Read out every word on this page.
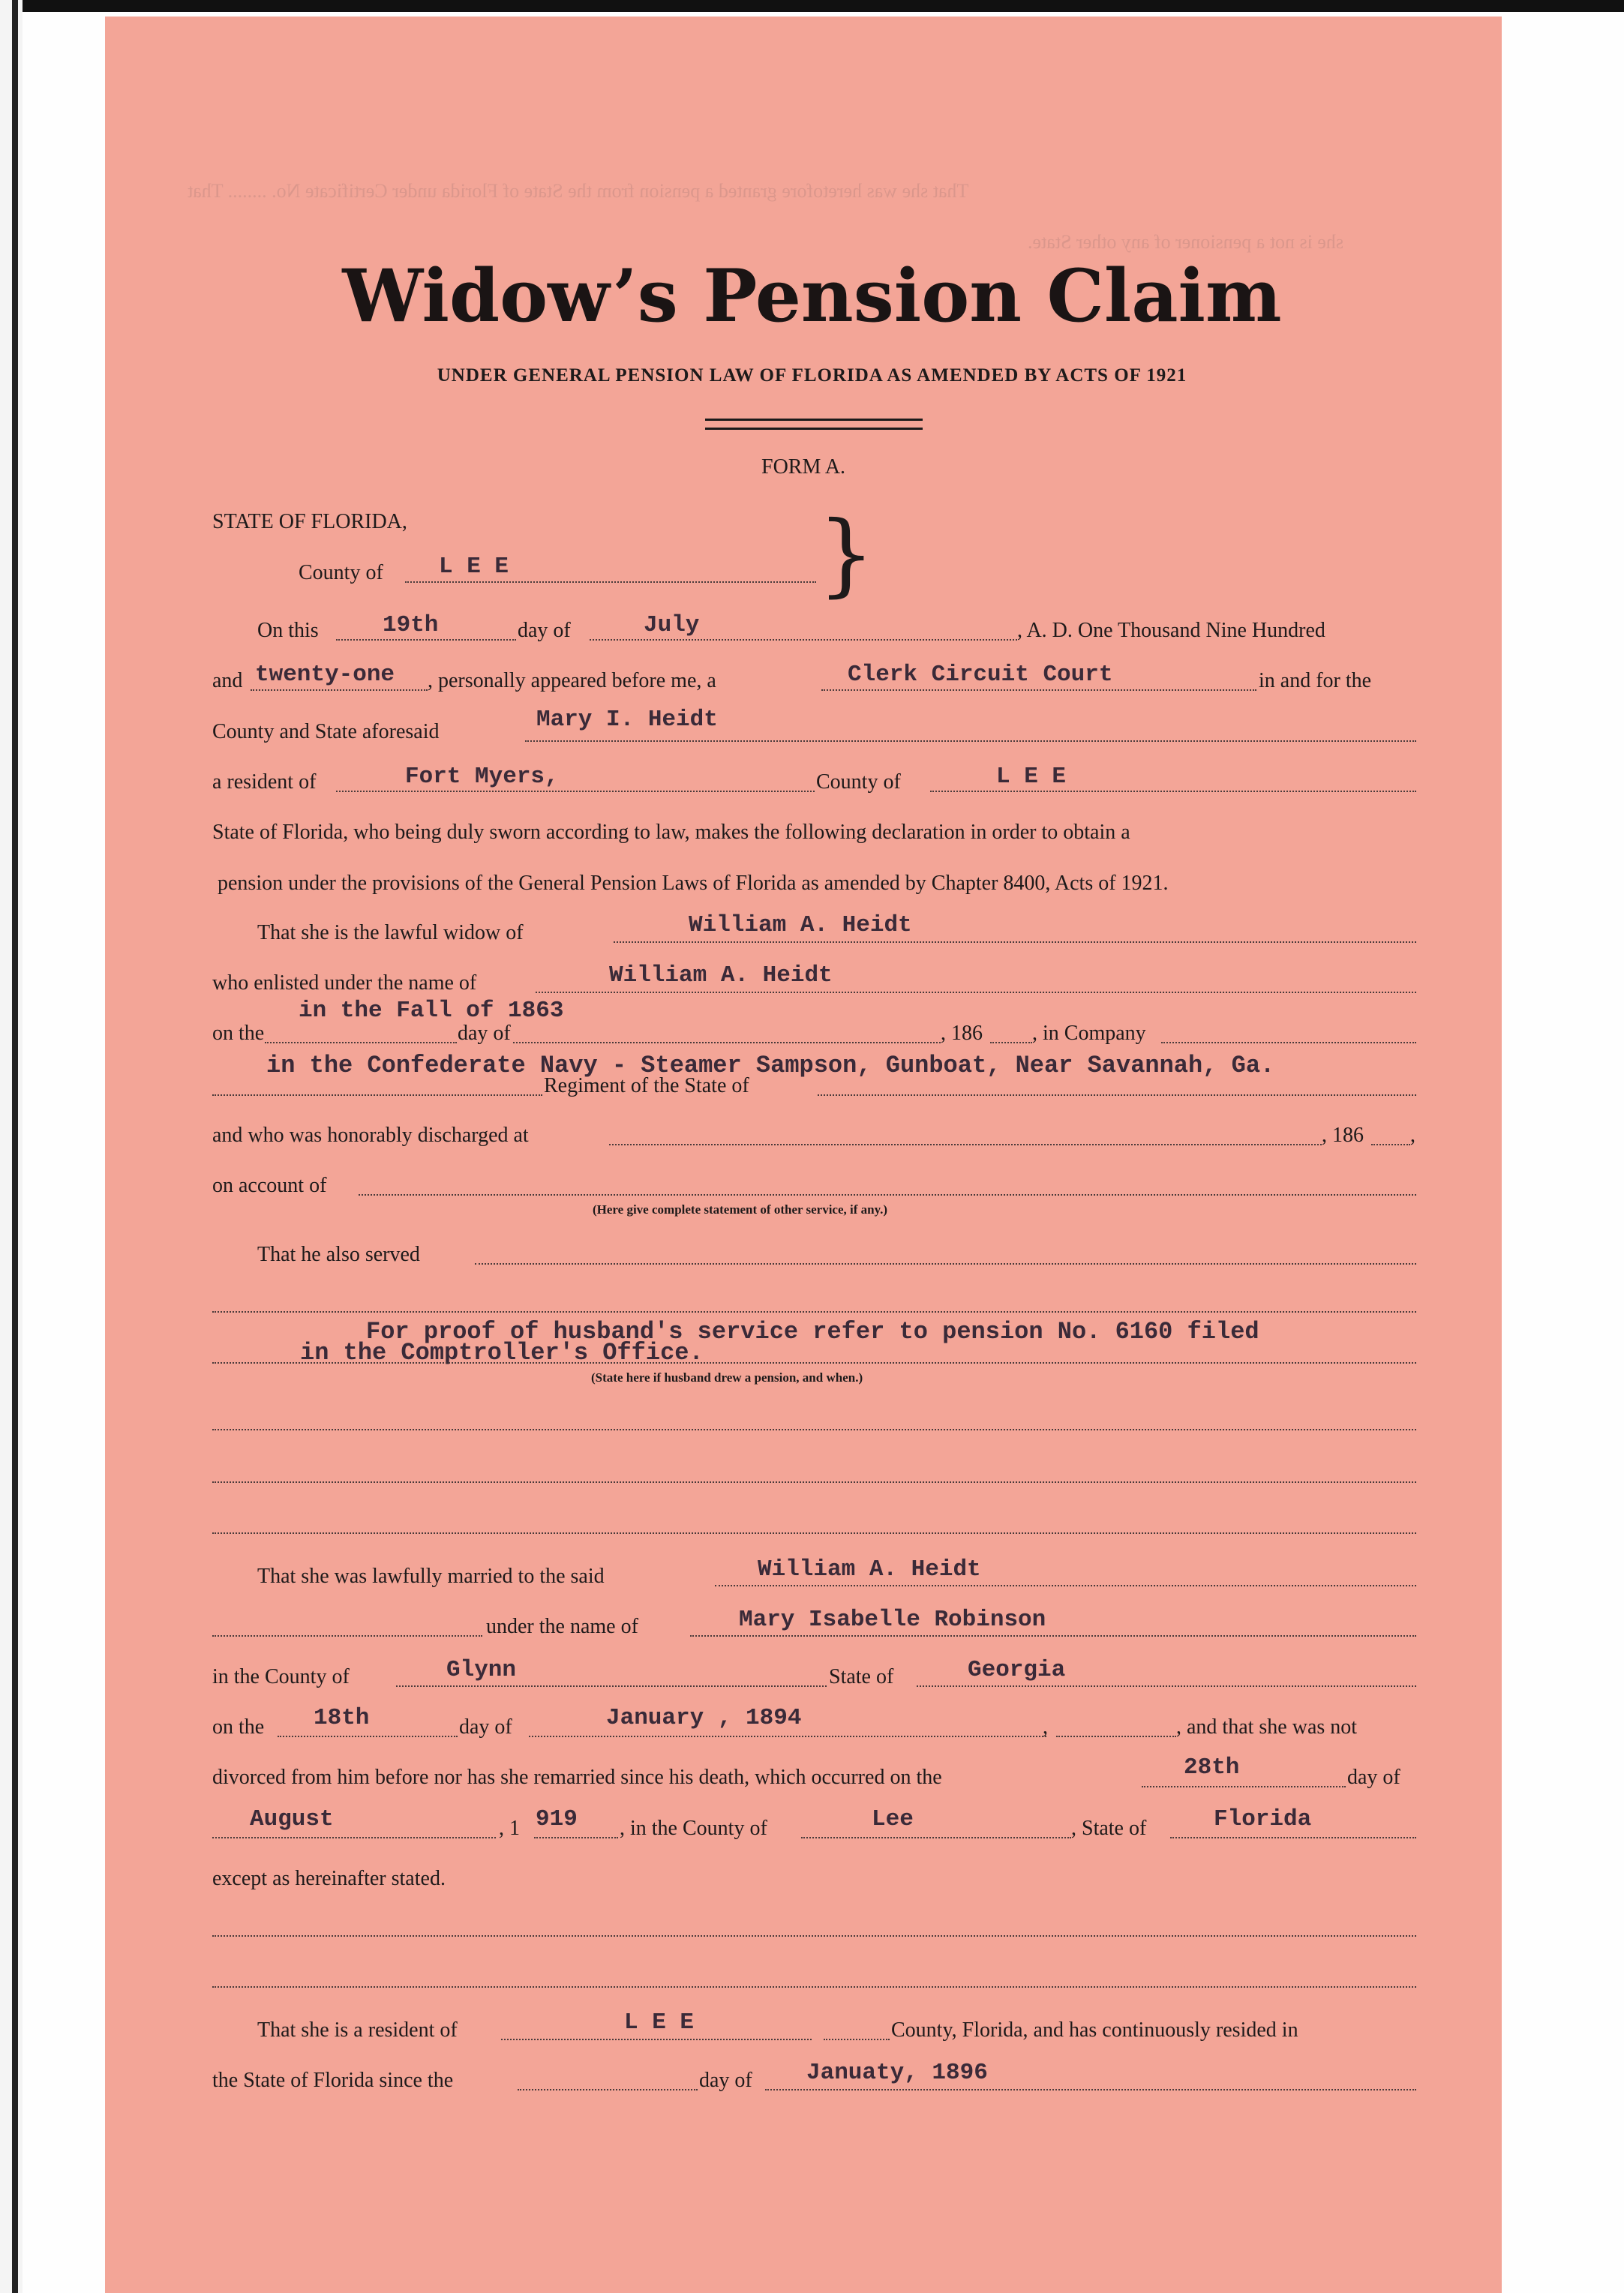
That she was heretofore granted a pension from the State of Florida under Certificate No. ........ That
she is not a pensioner of any other State.
Widow’s Pension Claim
UNDER GENERAL PENSION LAW OF FLORIDA AS AMENDED BY ACTS OF 1921
FORM A.
STATE OF FLORIDA,
County of L E E	}
On this	19th	day of	July	, A. D. One Thousand Nine Hundred
and twenty-one , personally appeared before me, a	Clerk Circuit Court	in and for the
County and State aforesaid	Mary I. Heidt
a resident of	Fort Myers,	County of	L E E
State of Florida, who being duly sworn according to law, makes the following declaration in order to obtain a
pension under the provisions of the General Pension Laws of Florida as amended by Chapter 8400, Acts of 1921.
That she is the lawful widow of	William A. Heidt
who enlisted under the name of	William A. Heidt
in the Fall of 1863
on the	day of	, 186 , in Company
Regiment of the State of
in the Confederate Navy - Steamer Sampson, Gunboat, Near Savannah, Ga.
and who was honorably discharged at	, 186 ,
on account of
(Here give complete statement of other service, if any.)
That he also served
For proof of husband's service refer to pension No. 6160 filed
in the Comptroller's Office.
(State here if husband drew a pension, and when.)
That she was lawfully married to the said	William A. Heidt
under the name of	Mary Isabelle Robinson
in the County of	Glynn	State of	Georgia
on the 18th	day of	January , 1894	,	, and that she was not
divorced from him before nor has she remarried since his death, which occurred on the	28th	day of
August	, 1 919 , in the County of	Lee	, State of	Florida
except as hereinafter stated.
That she is a resident of	L E E	County, Florida, and has continuously resided in
the State of Florida since the	day of Januaty, 1896
